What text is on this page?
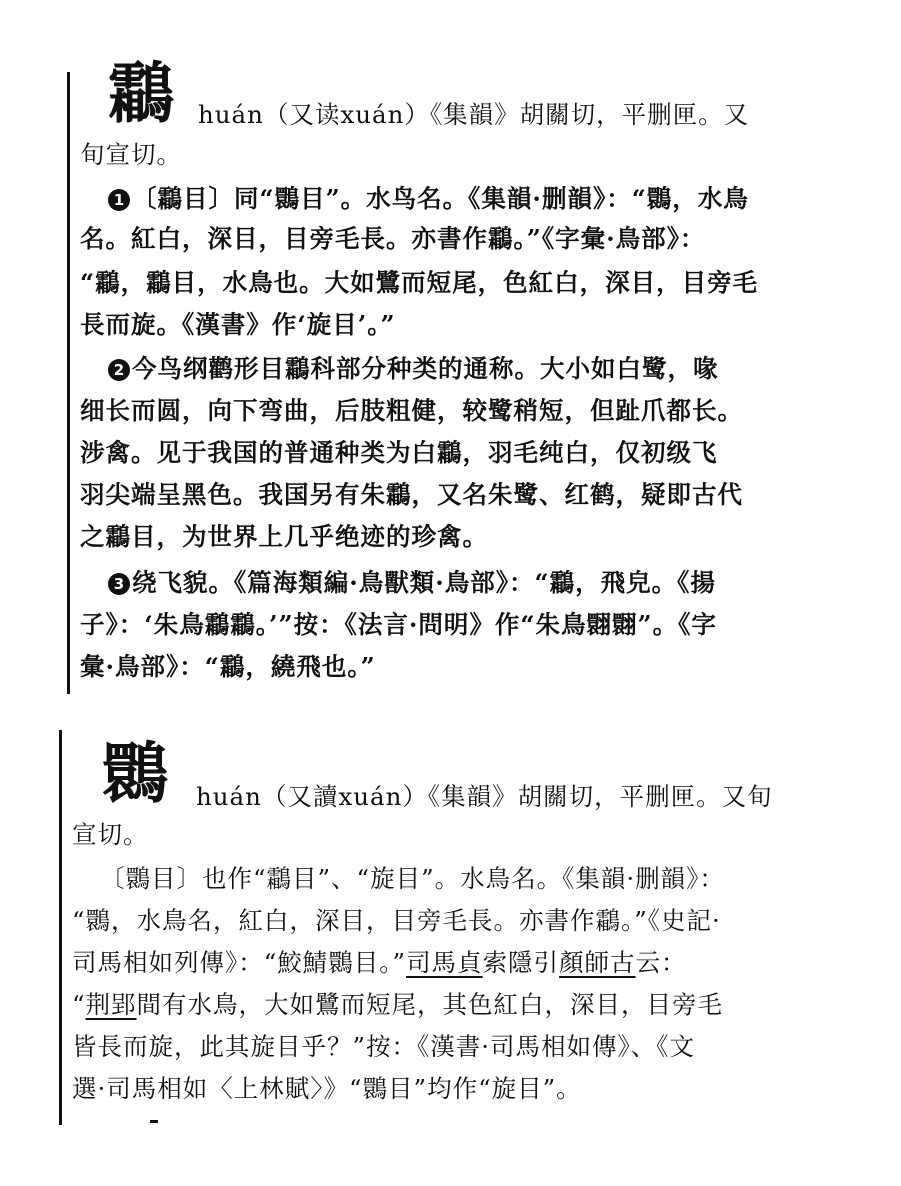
鸘 huán（又读xuán）《集韻》胡關切，平删匣。又
旬宣切。
1 〔鸘目〕同“䴉目”。水鸟名。《集韻·删韻》：“䴉，水鳥
名。紅白，深目，目旁毛長。亦書作鸘。”《字彙·鳥部》：
“鸘，鸘目，水鳥也。大如鷺而短尾，色紅白，深目，目旁毛
長而旋。《漢書》作‘旋目’。”
2 今鸟纲鹳形目鸘科部分种类的通称。大小如白鹭，喙
细长而圆，向下弯曲，后肢粗健，较鹭稍短，但趾爪都长。
涉禽。见于我国的普通种类为白鸘，羽毛纯白，仅初级飞
羽尖端呈黑色。我国另有朱鸘，又名朱鹭、红鹤，疑即古代
之鸘目，为世界上几乎绝迹的珍禽。
3 绕飞貌。《篇海類編·鳥獸類·鳥部》：“鸘，飛皃。《揚
子》：‘朱鳥鸘鸘。’”按：《法言·問明》作“朱鳥翾翾”。《字
彙·鳥部》：“鸘，繞飛也。”
䴉 huán（又讀xuán）《集韻》胡關切，平删匣。又旬
宣切。
〔䴉目〕也作“鸘目”、“旋目”。水鳥名。《集韻·删韻》：
“䴉，水鳥名，紅白，深目，目旁毛長。亦書作鸘。”《史記·
司馬相如列傳》：“鮫鯖䴉目。”司馬貞索隱引顏師古云：
“荆郢間有水鳥，大如鷺而短尾，其色紅白，深目，目旁毛
皆長而旋，此其旋目乎？”按：《漢書·司馬相如傳》、《文
選·司馬相如〈上林賦〉》“䴉目”均作“旋目”。
